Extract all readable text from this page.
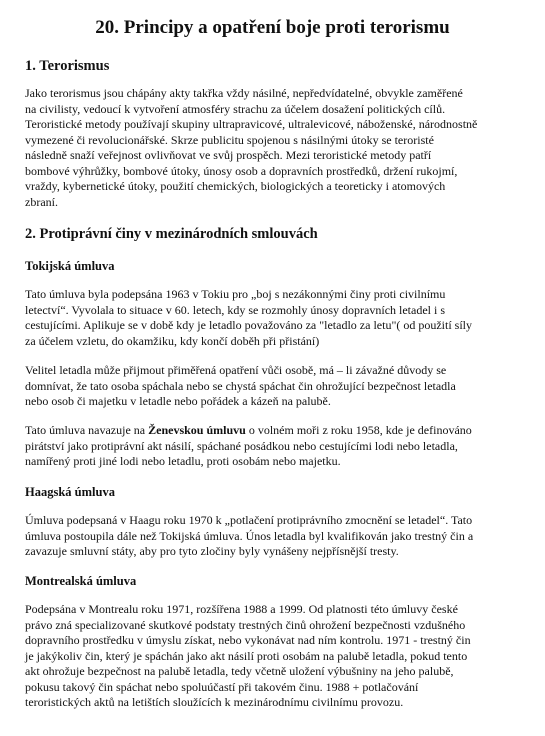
20. Principy a opatření boje proti terorismu
1. Terorismus

Jako terorismus jsou chápány akty takřka vždy násilné, nepředvídatelné, obvykle zaměřené
na civilisty, vedoucí k vytvoření atmosféry strachu za účelem dosažení politických cílů.
Teroristické metody používají skupiny ultrapravicové, ultralevicové, náboženské, národnostně
vymezené či revolucionářské. Skrze publicitu spojenou s násilnými útoky se teroristé
následně snaží veřejnost ovlivňovat ve svůj prospěch. Mezi teroristické metody patří
bombové výhrůžky, bombové útoky, únosy osob a dopravních prostředků, držení rukojmí,
vraždy, kybernetické útoky, použití chemických, biologických a teoreticky i atomových
zbraní.

2. Protiprávní činy v mezinárodních smlouvách
Tokijská úmluva

Tato úmluva byla podepsána 1963 v Tokiu pro „boj s nezákonnými činy proti civilnímu
letectví“. Vyvolala to situace v 60. letech, kdy se rozmohly únosy dopravních letadel i s
cestujícími. Aplikuje se v době kdy je letadlo považováno za "letadlo za letu"( od použití síly
za účelem vzletu, do okamžiku, kdy končí doběh při přistání)

Velitel letadla může přijmout přiměřená opatření vůči osobě, má – li závažné důvody se
domnívat, že tato osoba spáchala nebo se chystá spáchat čin ohrožující bezpečnost letadla
nebo osob či majetku v letadle nebo pořádek a kázeň na palubě.

Tato úmluva navazuje na Ženevskou úmluvu o volném moři z roku 1958, kde je definováno
pirátství jako protiprávní akt násilí, spáchané posádkou nebo cestujícími lodi nebo letadla,
namířený proti jiné lodi nebo letadlu, proti osobám nebo majetku.

Haagská úmluva

Úmluva podepsaná v Haagu roku 1970 k „potlačení protiprávního zmocnění se letadel“. Tato
úmluva postoupila dále než Tokijská úmluva. Únos letadla byl kvalifikován jako trestný čin a
zavazuje smluvní státy, aby pro tyto zločiny byly vynášeny nejpřísnější tresty.

Montrealská úmluva

Podepsána v Montrealu roku 1971, rozšířena 1988 a 1999. Od platnosti této úmluvy české
právo zná specializované skutkové podstaty trestných činů ohrožení bezpečnosti vzdušného
dopravního prostředku v úmyslu získat, nebo vykonávat nad ním kontrolu. 1971 - trestný čin
je jakýkoliv čin, který je spáchán jako akt násilí proti osobám na palubě letadla, pokud tento
akt ohrožuje bezpečnost na palubě letadla, tedy včetně uložení výbušniny na jeho palubě,
pokusu takový čin spáchat nebo spoluúčastí při takovém činu. 1988 + potlačování
teroristických aktů na letištích sloužících k mezinárodnímu civilnímu provozu.
